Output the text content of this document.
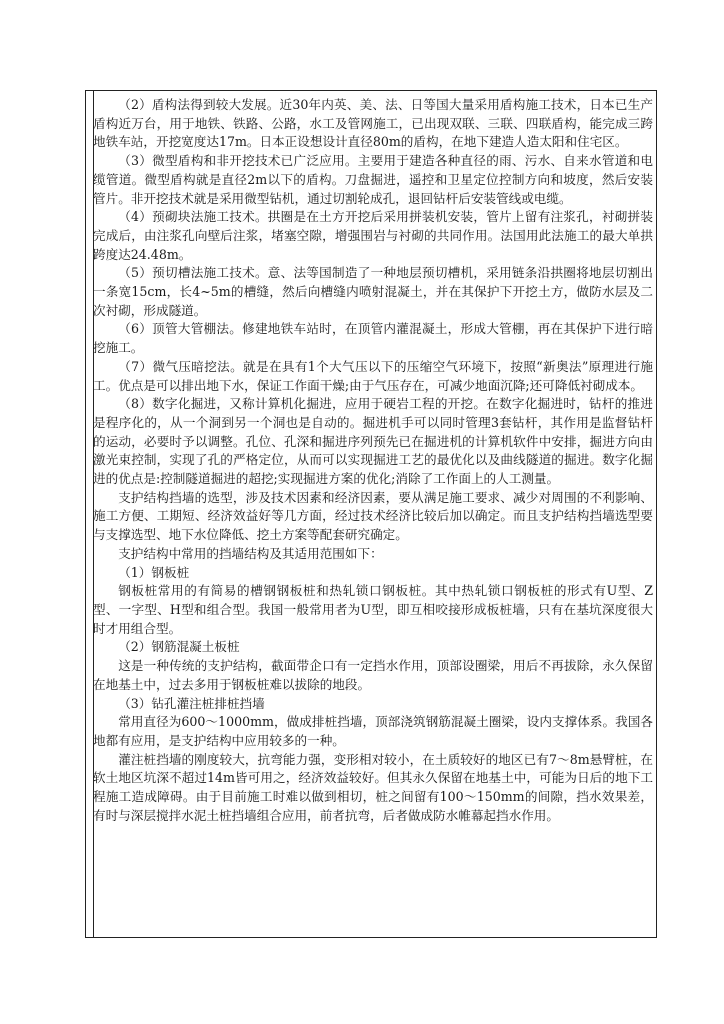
（2）盾构法得到较大发展。近30年内英、美、法、日等国大量采用盾构施工技术，日本已生产盾构近万台，用于地铁、铁路、公路，水工及管网施工，已出现双联、三联、四联盾构，能完成三跨地铁车站，开挖宽度达17m。日本正设想设计直径80m的盾构，在地下建造人造太阳和住宅区。

（3）微型盾构和非开挖技术已广泛应用。主要用于建造各种直径的雨、污水、自来水管道和电缆管道。微型盾构就是直径2m以下的盾构。刀盘掘进，遥控和卫星定位控制方向和坡度，然后安装管片。非开挖技术就是采用微型钻机，通过切割轮成孔，退回钻杆后安装管线或电缆。

（4）预砌块法施工技术。拱圈是在土方开挖后采用拼装机安装，管片上留有注浆孔，衬砌拼装完成后，由注浆孔向壁后注浆，堵塞空隙，增强围岩与衬砌的共同作用。法国用此法施工的最大单拱跨度达24.48m。

（5）预切槽法施工技术。意、法等国制造了一种地层预切槽机，采用链条沿拱圈将地层切割出一条宽15cm，长4~5m的槽缝，然后向槽缝内喷射混凝土，并在其保护下开挖土方，做防水层及二次衬砌，形成隧道。

（6）顶管大管棚法。修建地铁车站时，在顶管内灌混凝土，形成大管棚，再在其保护下进行暗挖施工。

（7）微气压暗挖法。就是在具有1个大气压以下的压缩空气环境下，按照“新奥法”原理进行施工。优点是可以排出地下水，保证工作面干燥;由于气压存在，可减少地面沉降;还可降低衬砌成本。

（8）数字化掘进，又称计算机化掘进，应用于硬岩工程的开挖。在数字化掘进时，钻杆的推进是程序化的，从一个洞到另一个洞也是自动的。掘进机手可以同时管理3套钻杆，其作用是监督钻杆的运动，必要时予以调整。孔位、孔深和掘进序列预先已在掘进机的计算机软件中安排，掘进方向由激光束控制，实现了孔的严格定位，从而可以实现掘进工艺的最优化以及曲线隧道的掘进。数字化掘进的优点是:控制隧道掘进的超挖;实现掘进方案的优化;消除了工作面上的人工测量。

支护结构挡墙的选型，涉及技术因素和经济因素，要从满足施工要求、减少对周围的不利影响、施工方便、工期短、经济效益好等几方面，经过技术经济比较后加以确定。而且支护结构挡墙选型要与支撑选型、地下水位降低、挖土方案等配套研究确定。

支护结构中常用的挡墙结构及其适用范围如下：

（1）钢板桩

钢板桩常用的有简易的槽钢钢板桩和热轧锁口钢板桩。其中热轧锁口钢板桩的形式有U型、Z型、一字型、H型和组合型。我国一般常用者为U型，即互相咬接形成板桩墙，只有在基坑深度很大时才用组合型。

（2）钢筋混凝土板桩

这是一种传统的支护结构，截面带企口有一定挡水作用，顶部设圈梁，用后不再拔除，永久保留在地基土中，过去多用于钢板桩难以拔除的地段。

（3）钻孔灌注桩排桩挡墙

常用直径为600～1000mm，做成排桩挡墙，顶部浇筑钢筋混凝土圈梁，设内支撑体系。我国各地都有应用，是支护结构中应用较多的一种。

灌注桩挡墙的刚度较大，抗弯能力强，变形相对较小，在土质较好的地区已有7～8m悬臂桩，在软土地区坑深不超过14m皆可用之，经济效益较好。但其永久保留在地基土中，可能为日后的地下工程施工造成障碍。由于目前施工时难以做到相切，桩之间留有100～150mm的间隙，挡水效果差，有时与深层搅拌水泥土桩挡墙组合应用，前者抗弯，后者做成防水帷幕起挡水作用。
